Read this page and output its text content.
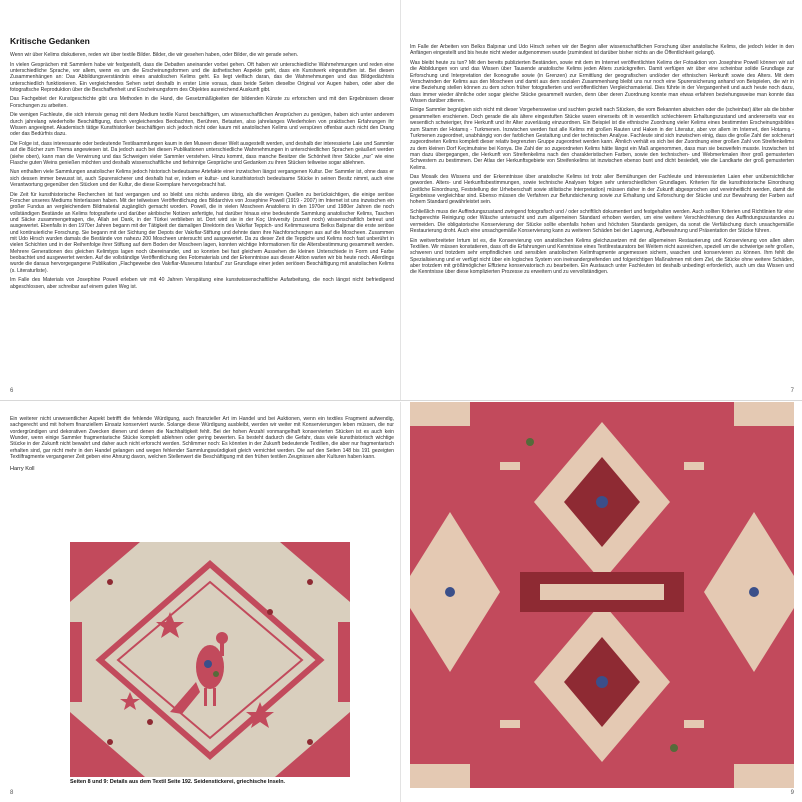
Kritische Gedanken

Wenn wir über Kelims diskutieren, reden wir über textile Bilder. Bilder, die wir gesehen haben, oder Bilder, die wir gerade sehen.

In vielen Gesprächen mit Sammlern habe wir festgestellt, dass die Debatten aneinander vorbei gehen. Oft haben wir unterschiedliche Wahrnehmungen und reden eine unterschiedliche Sprache, vor allem, wenn es um die Erscheinungsformen und die ästhetischen Aspekte geht, dass ein Kunstwerk eingestuften ist. Bei diesen Zusammenhängen an: Das Abbildungsverständnis eines anatolischen Kelims geht. Es liegt vielfach daran, das die Wahrnehmungen und das Bildgedächtnis unterschiedlich funktionieren. Ein vergleichendes Sehen setzt deshalb in erster Linie voraus, dass beide Seiten dieselbe Original vor Augen haben, oder aber die fotografische Reproduktion über die Beschaffenheit und Erscheinungsform des Objektes ausreichend Auskunft gibt.

Das Fachgebiet der Kunstgeschichte gibt uns Methoden in die Hand, die Gesetzmäßigkeiten der bildenden Künste zu erforschen und mit den Ergebnissen dieser Forschungen zu arbeiten.

Die wenigen Fachleute, die sich intensiv genug mit dem Medium textile Kunst beschäftigen, um wissenschaftlichen Ansprüchen zu genügen, haben sich unter anderem durch jahrelang wiederholte Beschäftigung, durch vergleichendes Beobachten, Berühren, Betasten, also jahrelanges Wiederholen von praktischen Erfahrungen ihr Wissen angeeignet. Akademisch tätige Kunsthistoriker beschäftigen sich jedoch nicht oder kaum mit anatolischen Kelims und verspüren offenbar auch nicht den Drang oder das Bedürfnis dazu.

Die Folge ist, dass interessante oder bedeutende Textilsammlungen kaum in den Museen dieser Welt ausgestellt werden, und deshalb der interessierte Laie und Sammler auf die Bücher zum Thema angewiesen ist. Da jedoch auch bei diesen Publikationen unterschiedliche Wahrnehmungen in unterschiedlichen Sprachen geäußert werden (siehe oben), kann man die Verwirrung und das Schweigen vieler Sammler verstehen. Hinzu kommt, dass manche Besitzer die Schönheit ihrer Stücke „nur“ wie eine Flasche guten Weins genießen möchten und deshalb wissenschaftliche und tiefsinnige Gespräche und Gedanken zu ihren Stücken teilweise sogar ablehnen.

Nun enthalten viele Sammlungen anatolischer Kelims jedoch historisch bedeutsame Artefakte einer inzwischen längst vergangenen Kultur. Der Sammler ist, ohne dass er sich dessen immer bewusst ist, auch Spurensicherer und deshalb hat er, indem er kultur- und kunsthistorisch bedeutsame Stücke in seinen Besitz nimmt, auch eine Verantwortung gegenüber den Stücken und der Kultur, die diese Exemplare hervorgebracht hat.

Die Zeit für kunsthistorische Recherchen ist fast vergangen und so bleibt uns nichts anderes übrig, als die wenigen Quellen zu berücksichtigen, die einige seriöse Forscher unseres Mediums hinterlassen haben. Mit der teilweisen Veröffentlichung des Bildarchivs von Josephine Powell (1919 - 2007) im Internet ist uns inzwischen ein großer Fundus an vergleichendem Bildmaterial zugänglich gemacht worden. Powell, die in vielen Moscheen Anatoliens in den 1970er und 1980er Jahren die noch vollständigen Bestände an Kelims fotografierte und darüber akribische Notizen anfertigte, hat darüber hinaus eine bedeutende Sammlung anatolischer Kelims, Taschen und Säcke zusammengetragen, die, Allah sei Dank, in der Türkei verblieben ist. Dort wird sie in der Koç University (zurzeit noch) wissenschaftlich betreut und ausgewertet. Ebenfalls in den 1970er Jahren begann mit der Tätigkeit der damaligen Direktorin des Vakıflar Teppich- und Kelimmuseums Belkıs Balpınar die erste seriöse und kontinuierliche Forschung. Sie begann mit der Sichtung der Depots der Vakıflar-Stiftung und dehnte dann ihre Nachforschungen aus auf die Moscheen. Zusammen mit Udo Hirsch wurden damals die Bestände von nahezu 200 Moscheen untersucht und ausgewertet. Da zu dieser Zeit die Teppiche und Kelims noch fast unberührt in vielen Schichten und in der Reihenfolge ihrer Stiftung auf dem Boden der Moscheen lagen, konnten wichtige Informationen für die Altersbestimmung gesammelt werden. Mehrere Generationen des gleichen Kelimtyps lagen noch übereinander, und so konnten bei fast gleichem Aussehen die kleinen Unterschiede in Form und Farbe beobachtet und ausgewertet werden. Auf die vollständige Veröffentlichung des Fotomaterials und der Erkenntnisse aus dieser Aktion warten wir bis heute noch. Allerdings wurde die daraus hervorgegangene Publikation „Flachgewebe des Vakıflar-Museums Istanbul“ zur Grundlage einer jeden seriösen Beschäftigung mit anatolischen Kelims (s. Literaturliste).

Im Falle des Materials von Josephine Powell erleben wir mit 40 Jahren Verspätung eine kunstwissenschaftliche Aufarbeitung, die noch längst nicht befriedigend abgeschlossen, aber schreibar auf einem guten Weg ist.

6

Im Falle der Arbeiten von Belkıs Balpınar und Udo Hirsch sehen wir der Beginn aller wissenschaftlichen Forschung über anatolische Kelims, die jedoch leider in den Anfängen eingestellt und bis heute nicht wieder aufgenommen wurde (zumindest ist darüber bisher nichts an die Öffentlichkeit gelangt).

Was bleibt heute zu tun? Mit den bereits publizierten Beständen, sowie mit dem im Internet veröffentlichten Kelims der Fotoaktion von Josephine Powell können wir auf die Abbildungen von und das Wissen über Tausende anatolische Kelims jeden Alters zurückgreifen. Damit verfügen wir über eine scheinbar solide Grundlage zur Erforschung und Interpretation der Ikonografie sowie (in Grenzen) zur Ermittlung der geografischen und/oder der ethnischen Herkunft sowie des Alters. Mit dem Verschwinden der Kelims aus den Moscheen und damit aus dem sozialen Zusammenhang bleibt uns nur noch eine Spurensicherung anhand von Beispielen, die wir in eine Beziehung stellen können zu dem schon früher fotografierten und veröffentlichten Vergleichsmaterial. Dies führte in der Vergangenheit und auch heute noch dazu, dass immer wieder ähnliche oder sogar gleiche Stücke gesammelt wurden, denn über deren Zuordnung konnte man etwas erfahren beziehungsweise man konnte das Wissen darüber zitieren.

Einige Sammler begnügten sich nicht mit dieser Vorgehensweise und suchten gezielt nach Stücken, die vom Bekannten abwichen oder die (scheinbar) älter als die bisher gesammelten erschienen. Doch gerade die als ältere eingestuften Stücke waren einerseits oft in wesentlich schlechterem Erhaltungszustand und andererseits war es wesentlich schwieriger, ihre Herkunft und ihr Alter zuverlässig einzuordnen. Ein Beispiel ist die ethnische Zuordnung vieler Kelims eines bestimmten Erscheinungsbildes zum Stamm der Hotamış - Turkmenen. Inzwischen werden fast alle Kelims mit großen Rauten und Haken in der Literatur, aber vor allem im Internet, den Hotamış - Turkmenen zugeordnet, unabhängig von der farblichen Gestaltung und der technischen Analyse. Fachleute sind sich inzwischen einig, dass die große Zahl der solcherart zugeordneten Kelims komplett dieser relativ begrenzten Gruppe zugeordnet werden kann. Ähnlich verhält es sich bei der Zuordnung einer großen Zahl von Streifenkelims zu dem kleinen Dorf Keçimuhsine bei Konya. Die Zahl der so zugeordneten Kelims hätte längst ein Maß angenommen, dass man sie bezweifeln musste. Inzwischen ist man dazu übergegangen, die Herkunft von Streifenkelims nach den charakteristischen Farben, sowie den technischen- und Webmerkmalen ihrer groß gemusterten Schwestern zu bestimmen. Der Atlas der Herkunftsgebiete von Streifenkelims ist inzwischen ebenso bunt und dicht besiedelt, wie die Landkarte der groß gemusterten Kelims.

Das Mosaik des Wissens und der Erkenntnisse über anatolische Kelims ist trotz aller Bemühungen der Fachleute und interessierten Laien eher unübersichtlicher geworden. Alters- und Herkunftsbestimmungen, sowie technische Analysen folgen sehr unterschiedlichen Grundlagen. Kriterien für die kunsthistorische Einordnung (zeitliche Einordnung, Feststellung der Urheberschaft sowie stilistische Interpretation) müssen daher in der Zukunft abgesprochen und vereinheitlicht werden, damit die Ergebnisse vergleichbar sind. Ebenso müssen die Verfahren zur Befundsicherung sowie zur Erhaltung und Erforschung der Stücke und zur Bewahrung der Farben auf hohem Standard gewährleistet sein.

Schließlich muss der Auffindungszustand zwingend fotografisch und / oder schriftlich dokumentiert und festgehalten werden. Auch sollten Kriterien und Richtlinien für eine fachgerechte Reinigung oder Wäsche untersucht und zum allgemeinen Standard erhoben werden, um eine weitere Verschlechterung des Auffindungszustandes zu vermeiden. Die obligatorische Konservierung der Stücke sollte ebenfalls hohen und höchsten Standards genügen, da sonst die Verfälschung durch unsachgemäße Restaurierung droht. Auch eine unsachgemäße Konservierung kann zu weiteren Schäden bei der Lagerung, Aufbewahrung und Präsentation der Stücke führen.

Ein weitverbreiteter Irrtum ist es, die Konservierung von anatolischen Kelims gleichzusetzen mit der allgemeinen Restaurierung und Konservierung von allen alten Textilien. Wir müssen konstatieren, dass oft die Erfahrungen und Kenntnisse eines Textilrestaurators bei Weitem nicht ausreichen, speziell um die schwierige sehr großen, schweren und trotzdem sehr empfindlichen und sensiblen anatolischen Kelimfragmente angemessen sichern, waschen und konservieren zu können. Ihm fehlt die Spezialisierung und er verfügt nicht über ein logisches System von ineinandergreifenden und folgerichtigen Maßnahmen mit dem Ziel, die Stücke ohne weitere Schäden, aber trotzdem mit größtmöglicher Effizienz konservatorisch zu bearbeiten. Ein Austausch unter Fachleuten ist deshalb unbedingt erforderlich, auch um das Wissen und die Kenntnisse über diese komplizierten Prozesse zu erweitern und zu vervollständigen.

7

Ein weiterer nicht unwesentlicher Aspekt betrifft die fehlende Würdigung, auch finanzieller Art im Handel und bei Auktionen, wenn ein textiles Fragment aufwendig, sachgerecht und mit hohem finanziellem Einsatz konserviert wurde. Solange diese Würdigung ausbleibt, werden wir weiter mit Konservierungen leben müssen, die nur vordergründigen und dekorativen Zwecken dienen und denen die Nachhaltigkeit fehlt. Bei der hohen Anzahl vonmangelhaft konservierten Stücken ist es auch kein Wunder, wenn einige Sammler fragmentarische Stücke komplett ablehnen oder gering bewerten. Es besteht dadurch die Gefahr, dass viele kunsthistorisch wichtige Stücke in der Zukunft nicht bewahrt und daher auch nicht erforscht werden. Schlimmer noch: Es könnten in der Zukunft bedeutende Textilien, die aber nur fragmentarisch erhalten sind, gar nicht mehr in den Handel gelangen und wegen fehlender Sammlungswürdigkeit gleich vernichtet werden. Die auf den Seiten 148 bis 191 gezeigten Textilfragmente vergangener Zeit geben eine Ahnung davon, welchen Stellenwert die Beschäftigung mit den frühen textilen Zeugnissen alter Kulturen haben kann.

Harry Koll
Seiten 8 und 9: Details aus dem Textil Seite 192. Seidenstickerei, griechische Inseln.
8	9
